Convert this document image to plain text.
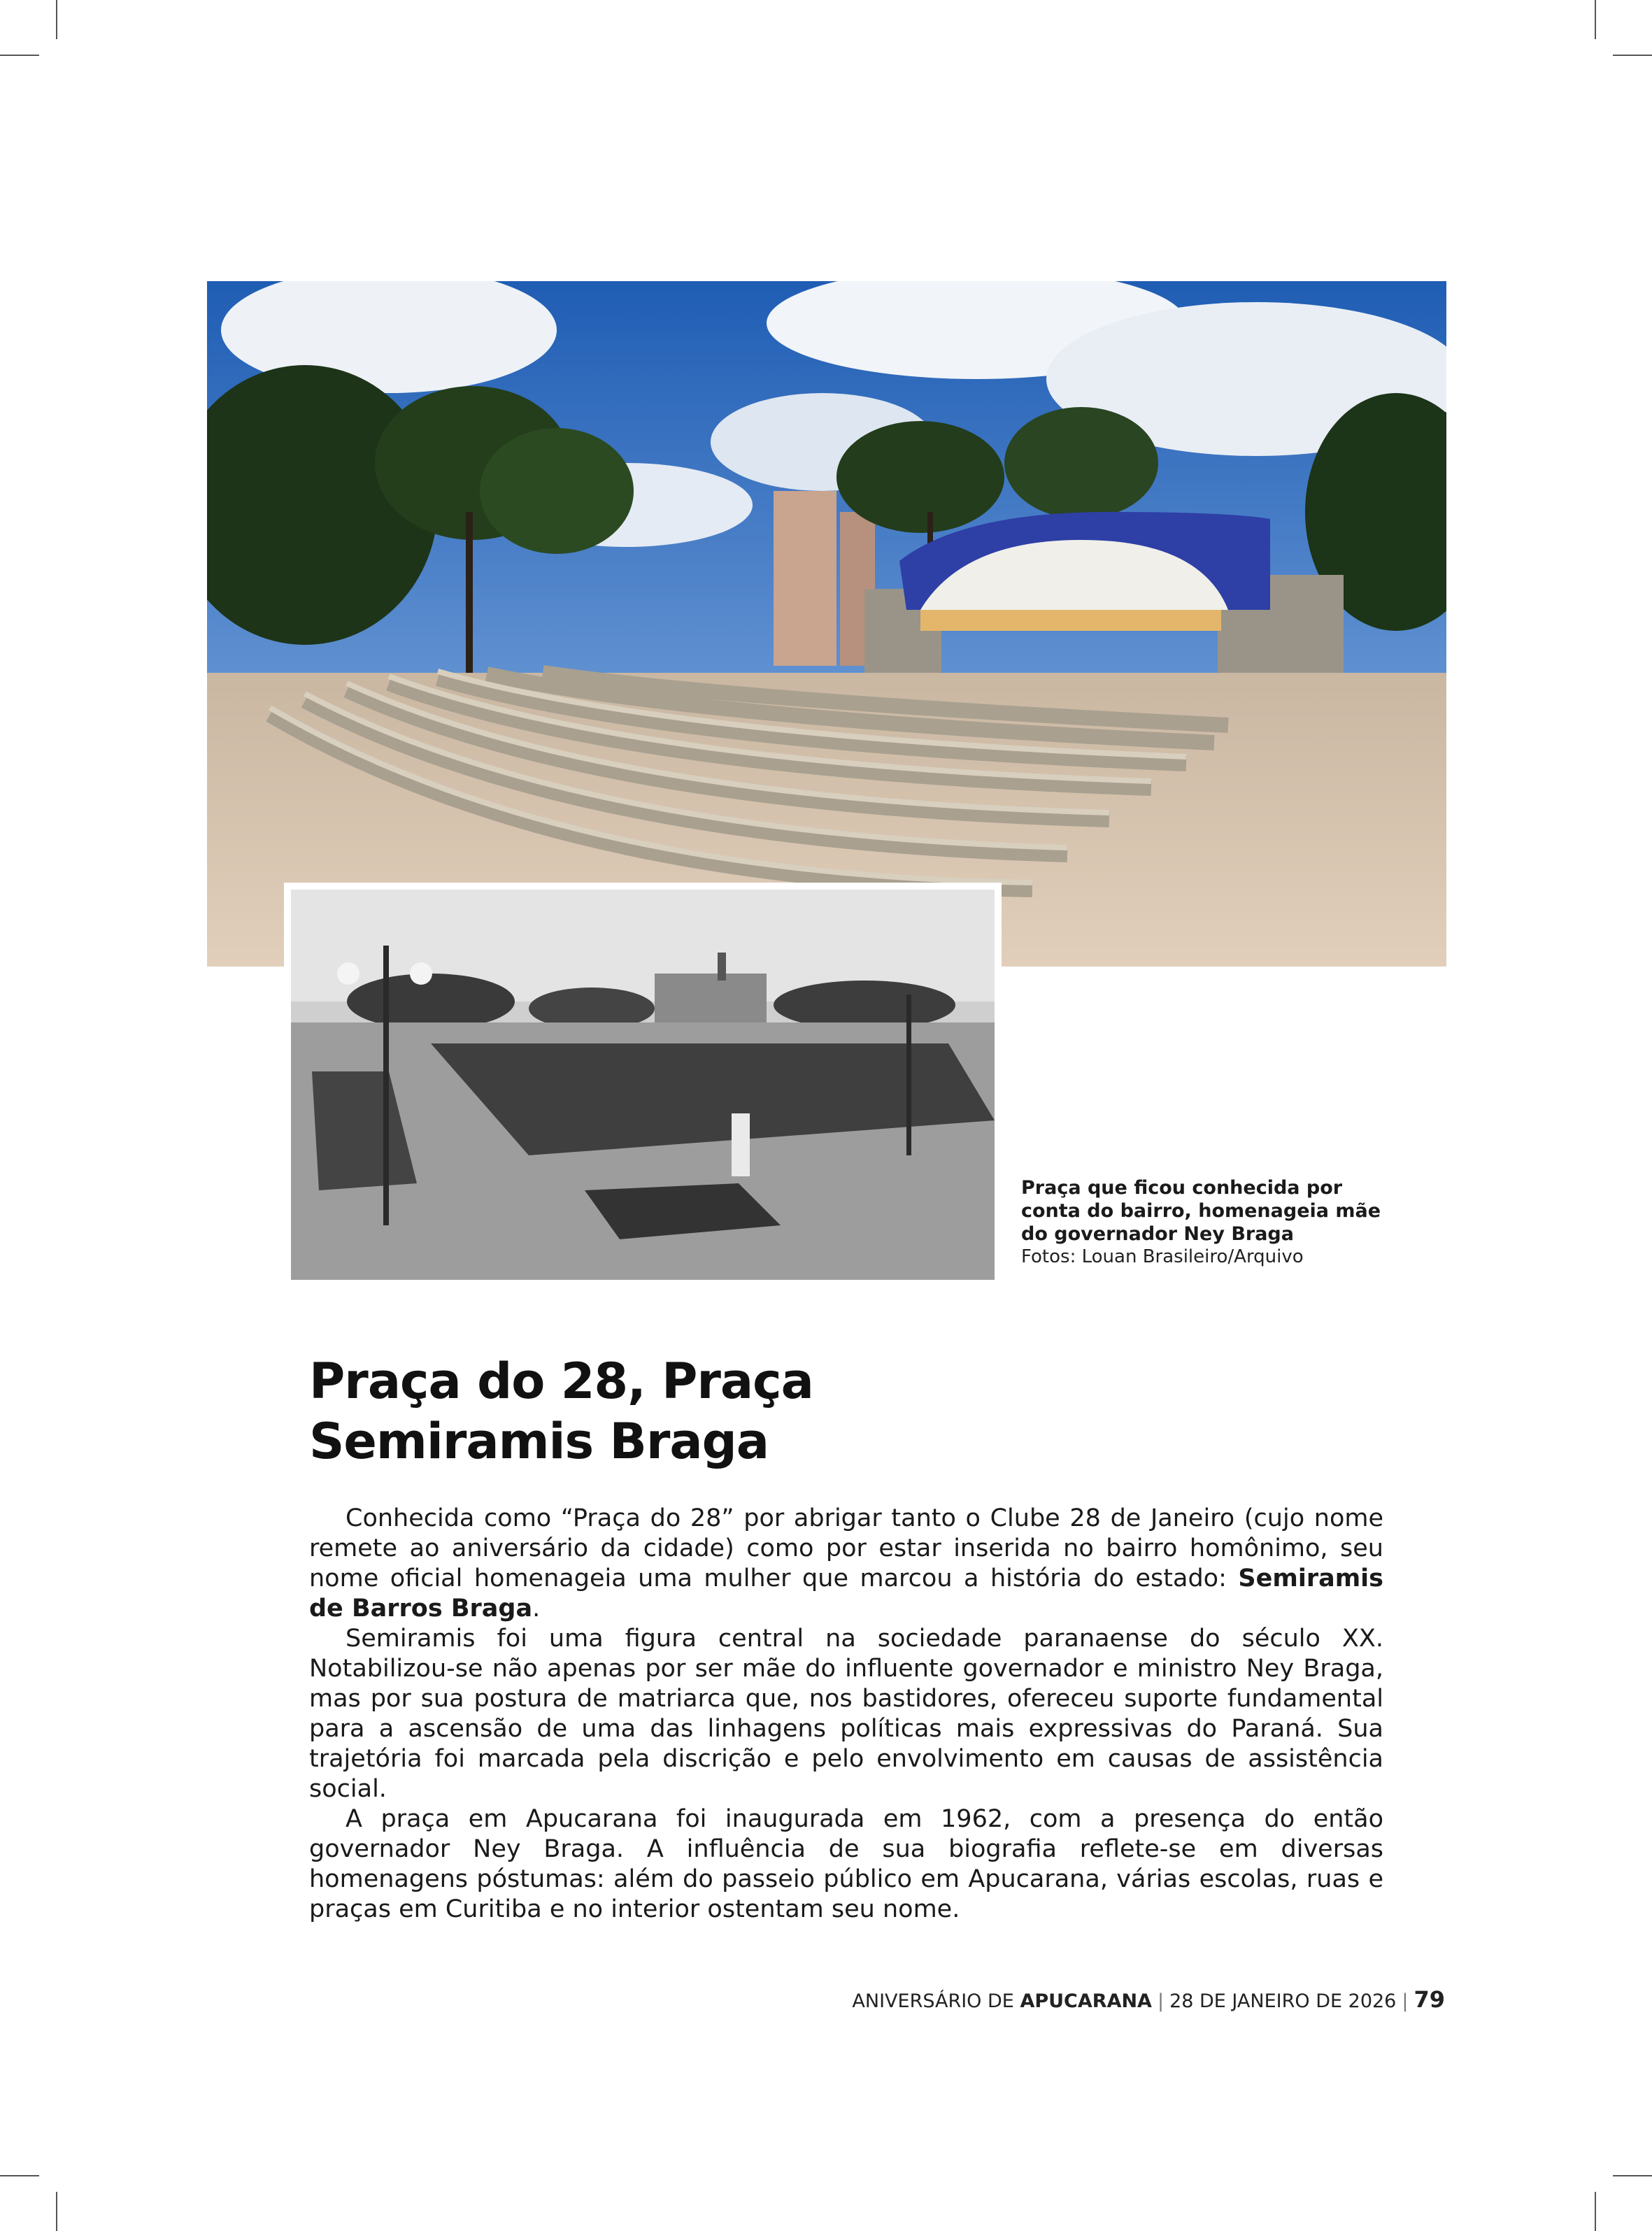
Praça que ficou conhecida por
conta do bairro, homenageia mãe
do governador Ney Braga
Fotos: Louan Brasileiro/Arquivo
Praça do 28, Praça
Semiramis Braga

Conhecida como “Praça do 28” por abrigar tanto o Clube 28 de Janeiro (cujo nome remete ao aniversário da cidade) como por estar inserida no bairro homônimo, seu nome oficial homenageia uma mulher que marcou a história do estado: Semiramis de Barros Braga.

Semiramis foi uma figura central na sociedade paranaense do século XX. Notabilizou-se não apenas por ser mãe do influente governador e ministro Ney Braga, mas por sua postura de matriarca que, nos bastidores, ofereceu suporte fundamental para a ascensão de uma das linhagens políticas mais expressivas do Paraná. Sua trajetória foi marcada pela discrição e pelo envolvimento em causas de assistência social.

A praça em Apucarana foi inaugurada em 1962, com a presença do então governador Ney Braga. A influência de sua biografia reflete-se em diversas homenagens póstumas: além do passeio público em Apucarana, várias escolas, ruas e praças em Curitiba e no interior ostentam seu nome.

ANIVERSÁRIO DE APUCARANA | 28 DE JANEIRO DE 2026 | 79
